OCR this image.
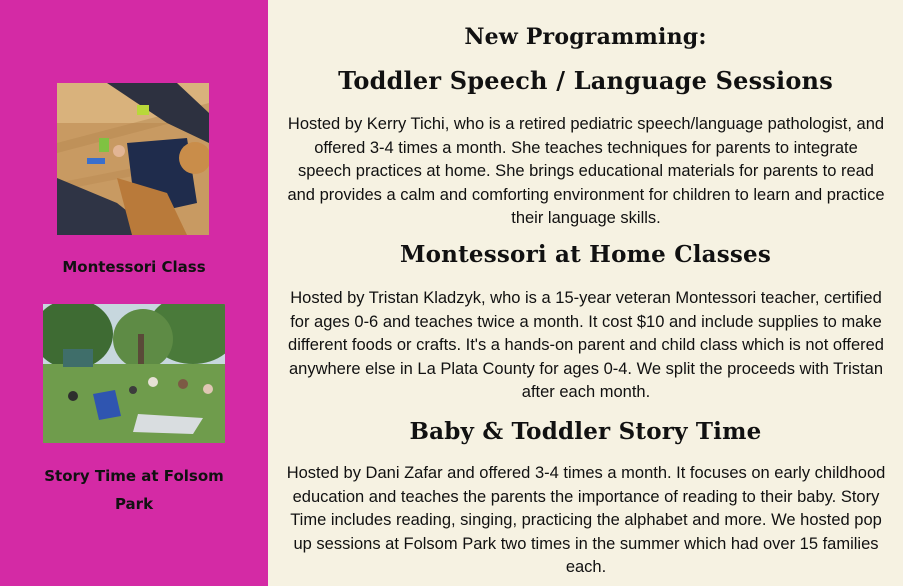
Montessori Class
Story Time at Folsom Park
New Programming:
Toddler Speech / Language Sessions
Hosted by Kerry Tichi, who is a retired pediatric speech/language pathologist, and offered 3-4 times a month. She teaches techniques for parents to integrate speech practices at home. She brings educational materials for parents to read and provides a calm and comforting environment for children to learn and practice their language skills.
Montessori at Home Classes
Hosted by Tristan Kladzyk, who is a 15-year veteran Montessori teacher, certified for ages 0-6 and teaches twice a month. It cost $10 and include supplies to make different foods or crafts. It's a hands-on parent and child class which is not offered anywhere else in La Plata County for ages 0-4. We split the proceeds with Tristan after each month.
Baby & Toddler Story Time
Hosted by Dani Zafar and offered 3-4 times a month. It focuses on early childhood education and teaches the parents the importance of reading to their baby. Story Time includes reading, singing, practicing the alphabet and more. We hosted pop up sessions at Folsom Park two times in the summer which had over 15 families each.
